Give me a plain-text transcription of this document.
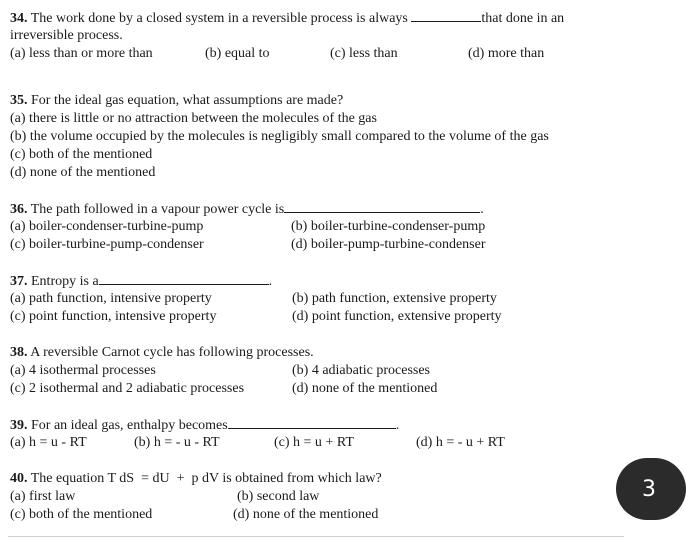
34. The work done by a closed system in a reversible process is always	that done in an
irreversible process.
(a) less than or more than	(b) equal to	(c) less than	(d) more than
35. For the ideal gas equation, what assumptions are made?
(a) there is little or no attraction between the molecules of the gas
(b) the volume occupied by the molecules is negligibly small compared to the volume of the gas
(c) both of the mentioned
(d) none of the mentioned
36. The path followed in a vapour power cycle is	.
(a) boiler-condenser-turbine-pump	(b) boiler-turbine-condenser-pump
(c) boiler-turbine-pump-condenser	(d) boiler-pump-turbine-condenser
37. Entropy is a	.
(a) path function, intensive property	(b) path function, extensive property
(c) point function, intensive property	(d) point function, extensive property
38. A reversible Carnot cycle has following processes.
(a) 4 isothermal processes	(b) 4 adiabatic processes
(c) 2 isothermal and 2 adiabatic processes	(d) none of the mentioned
39. For an ideal gas, enthalpy becomes	.
(a) h = u - RT	(b) h = - u - RT	(c) h = u + RT	(d) h = - u + RT
40. The equation T dS  = dU  +  p dV is obtained from which law?
(a) first law	(b) second law
(c) both of the mentioned	(d) none of the mentioned
3
